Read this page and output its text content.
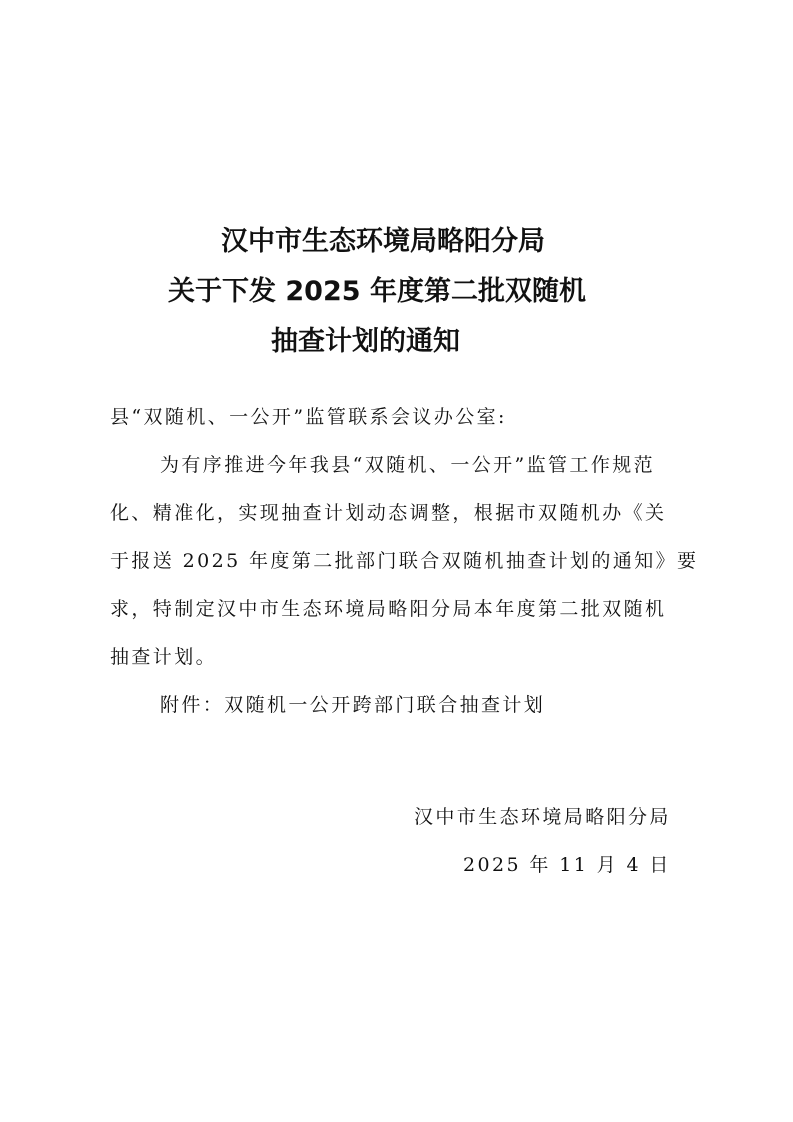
汉中市生态环境局略阳分局
关于下发 2025 年度第二批双随机
抽查计划的通知
县“双随机、一公开”监管联系会议办公室:
为有序推进今年我县“双随机、一公开”监管工作规范
化、精准化，实现抽查计划动态调整，根据市双随机办《关
于报送 2025 年度第二批部门联合双随机抽查计划的通知》要
求，特制定汉中市生态环境局略阳分局本年度第二批双随机
抽查计划。
附件：双随机一公开跨部门联合抽查计划
汉中市生态环境局略阳分局
2025 年 11 月 4 日
